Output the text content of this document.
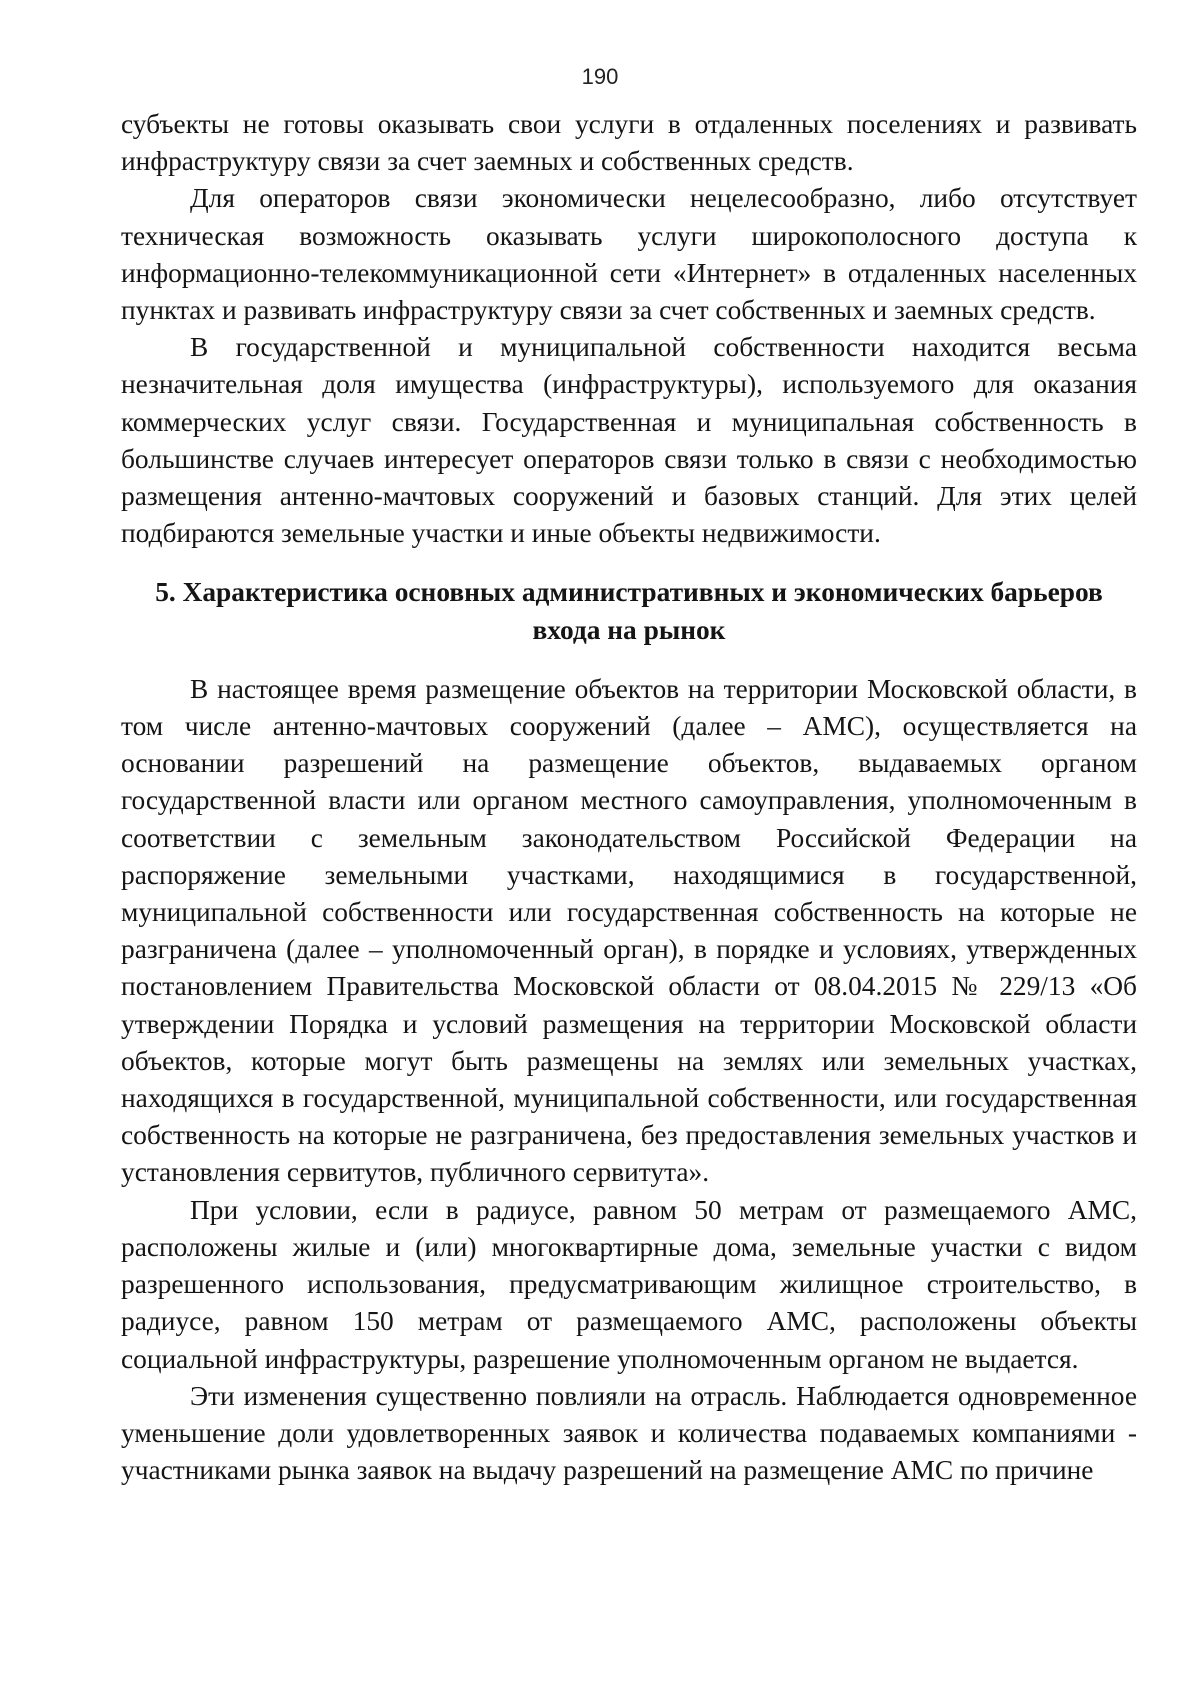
190

субъекты не готовы оказывать свои услуги в отдаленных поселениях и развивать инфраструктуру связи за счет заемных и собственных средств.

Для операторов связи экономически нецелесообразно, либо отсутствует техническая возможность оказывать услуги широкополосного доступа к информационно-телекоммуникационной сети «Интернет» в отдаленных населенных пунктах и развивать инфраструктуру связи за счет собственных и заемных средств.

В государственной и муниципальной собственности находится весьма незначительная доля имущества (инфраструктуры), используемого для оказания коммерческих услуг связи. Государственная и муниципальная собственность в большинстве случаев интересует операторов связи только в связи с необходимостью размещения антенно-мачтовых сооружений и базовых станций. Для этих целей подбираются земельные участки и иные объекты недвижимости.

5. Характеристика основных административных и экономических барьеров
входа на рынок

В настоящее время размещение объектов на территории Московской области, в том числе антенно-мачтовых сооружений (далее – АМС), осуществляется на основании разрешений на размещение объектов, выдаваемых органом государственной власти или органом местного самоуправления, уполномоченным в соответствии с земельным законодательством Российской Федерации на распоряжение земельными участками, находящимися в государственной, муниципальной собственности или государственная собственность на которые не разграничена (далее – уполномоченный орган), в порядке и условиях, утвержденных постановлением Правительства Московской области от 08.04.2015 № 229/13 «Об утверждении Порядка и условий размещения на территории Московской области объектов, которые могут быть размещены на землях или земельных участках, находящихся в государственной, муниципальной собственности, или государственная собственность на которые не разграничена, без предоставления земельных участков и установления сервитутов, публичного сервитута».

При условии, если в радиусе, равном 50 метрам от размещаемого АМС, расположены жилые и (или) многоквартирные дома, земельные участки с видом разрешенного использования, предусматривающим жилищное строительство, в радиусе, равном 150 метрам от размещаемого АМС, расположены объекты социальной инфраструктуры, разрешение уполномоченным органом не выдается.

Эти изменения существенно повлияли на отрасль. Наблюдается одновременное уменьшение доли удовлетворенных заявок и количества подаваемых компаниями - участниками рынка заявок на выдачу разрешений на размещение АМС по причине
